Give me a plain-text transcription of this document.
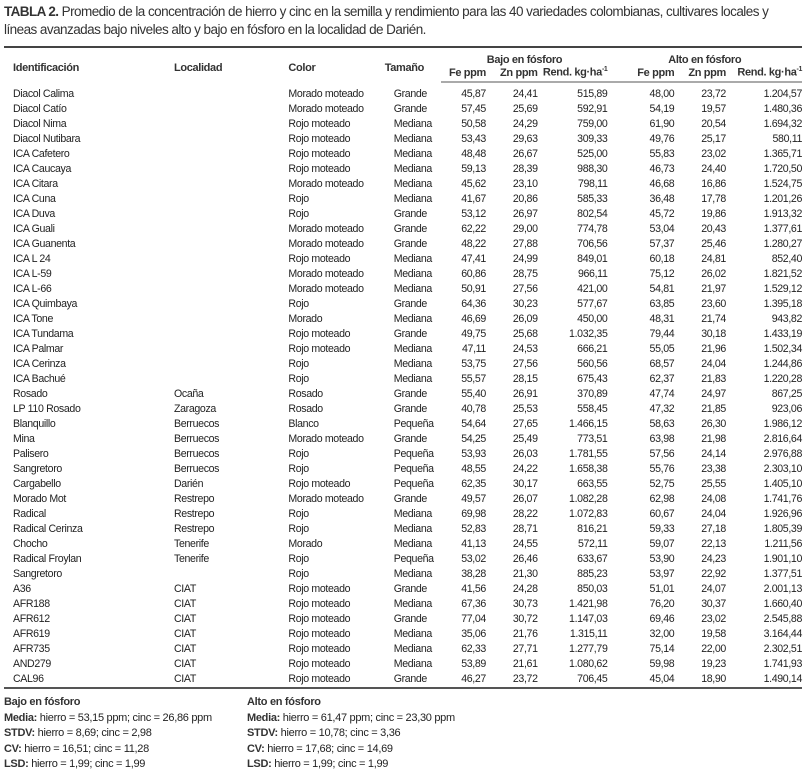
TABLA 2. Promedio de la concentración de hierro y cinc en la semilla y rendimiento para las 40 variedades colombianas, cultivares locales y líneas avanzadas bajo niveles alto y bajo en fósforo en la localidad de Darién.
Identificación	Localidad	Color	Tamaño	Bajo en fósforo			Alto en fósforo		
				Fe ppm	Zn ppm	Rend. $kg\cdot ha^{-1}$	Fe ppm	Zn ppm	Rend. $kg\cdot ha^{-1}$
Diacol Calima		Morado moteado	Grande	45,87	24,41	515,89	48,00	23,72	1.204,57
Diacol Catío		Morado moteado	Grande	57,45	25,69	592,91	54,19	19,57	1.480,36
Diacol Nima		Rojo moteado	Mediana	50,58	24,29	759,00	61,90	20,54	1.694,32
Diacol Nutibara		Rojo moteado	Mediana	53,43	29,63	309,33	49,76	25,17	580,11
ICA Cafetero		Rojo moteado	Mediana	48,48	26,67	525,00	55,83	23,02	1.365,71
ICA Caucaya		Rojo moteado	Mediana	59,13	28,39	988,30	46,73	24,40	1.720,50
ICA Citara		Morado moteado	Mediana	45,62	23,10	798,11	46,68	16,86	1.524,75
ICA Cuna		Rojo	Mediana	41,67	20,86	585,33	36,48	17,78	1.201,26
ICA Duva		Rojo	Grande	53,12	26,97	802,54	45,72	19,86	1.913,32
ICA Guali		Morado moteado	Grande	62,22	29,00	774,78	53,04	20,43	1.377,61
ICA Guanenta		Morado moteado	Grande	48,22	27,88	706,56	57,37	25,46	1.280,27
ICA L 24		Rojo moteado	Mediana	47,41	24,99	849,01	60,18	24,81	852,40
ICA L-59		Morado moteado	Mediana	60,86	28,75	966,11	75,12	26,02	1.821,52
ICA L-66		Morado moteado	Mediana	50,91	27,56	421,00	54,81	21,97	1.529,12
ICA Quimbaya		Rojo	Grande	64,36	30,23	577,67	63,85	23,60	1.395,18
ICA Tone		Morado	Mediana	46,69	26,09	450,00	48,31	21,74	943,82
ICA Tundama		Rojo moteado	Grande	49,75	25,68	1.032,35	79,44	30,18	1.433,19
ICA Palmar		Rojo moteado	Mediana	47,11	24,53	666,21	55,05	21,96	1.502,34
ICA Cerinza		Rojo	Mediana	53,75	27,56	560,56	68,57	24,04	1.244,86
ICA Bachué		Rojo	Mediana	55,57	28,15	675,43	62,37	21,83	1.220,28
Rosado	Ocaña	Rosado	Grande	55,40	26,91	370,89	47,74	24,97	867,25
LP 110 Rosado	Zaragoza	Rosado	Grande	40,78	25,53	558,45	47,32	21,85	923,06
Blanquillo	Berruecos	Blanco	Pequeña	54,64	27,65	1.466,15	58,63	26,30	1.986,12
Mina	Berruecos	Morado moteado	Grande	54,25	25,49	773,51	63,98	21,98	2.816,64
Palisero	Berruecos	Rojo	Pequeña	53,93	26,03	1.781,55	57,56	24,14	2.976,88
Sangretoro	Berruecos	Rojo	Pequeña	48,55	24,22	1.658,38	55,76	23,38	2.303,10
Cargabello	Darién	Rojo moteado	Pequeña	62,35	30,17	663,55	52,75	25,55	1.405,10
Morado Mot	Restrepo	Morado moteado	Grande	49,57	26,07	1.082,28	62,98	24,08	1.741,76
Radical	Restrepo	Rojo	Mediana	69,98	28,22	1.072,83	60,67	24,04	1.926,96
Radical Cerinza	Restrepo	Rojo	Mediana	52,83	28,71	816,21	59,33	27,18	1.805,39
Chocho	Tenerife	Morado	Mediana	41,13	24,55	572,11	59,07	22,13	1.211,56
Radical Froylan	Tenerife	Rojo	Pequeña	53,02	26,46	633,67	53,90	24,23	1.901,10
Sangretoro		Rojo	Mediana	38,28	21,30	885,23	53,97	22,92	1.377,51
A36	CIAT	Rojo moteado	Grande	41,56	24,28	850,03	51,01	24,07	2.001,13
AFR188	CIAT	Rojo moteado	Mediana	67,36	30,73	1.421,98	76,20	30,37	1.660,40
AFR612	CIAT	Rojo moteado	Grande	77,04	30,72	1.147,03	69,46	23,02	2.545,88
AFR619	CIAT	Rojo moteado	Mediana	35,06	21,76	1.315,11	32,00	19,58	3.164,44
AFR735	CIAT	Rojo moteado	Mediana	62,33	27,71	1.277,79	75,14	22,00	2.302,51
AND279	CIAT	Rojo moteado	Mediana	53,89	21,61	1.080,62	59,98	19,23	1.741,93
CAL96	CIAT	Rojo moteado	Grande	46,27	23,72	706,45	45,04	18,90	1.490,14
Bajo en fósforo
Media: hierro = 53,15 ppm; cinc = 26,86 ppm
STDV: hierro = 8,69; cinc = 2,98
CV: hierro = 16,51; cinc = 11,28
LSD: hierro = 1,99; cinc = 1,99
Alto en fósforo
Media: hierro = 61,47 ppm; cinc = 23,30 ppm
STDV: hierro = 10,78; cinc = 3,36
CV: hierro = 17,68; cinc = 14,69
LSD: hierro = 1,99; cinc = 1,99
